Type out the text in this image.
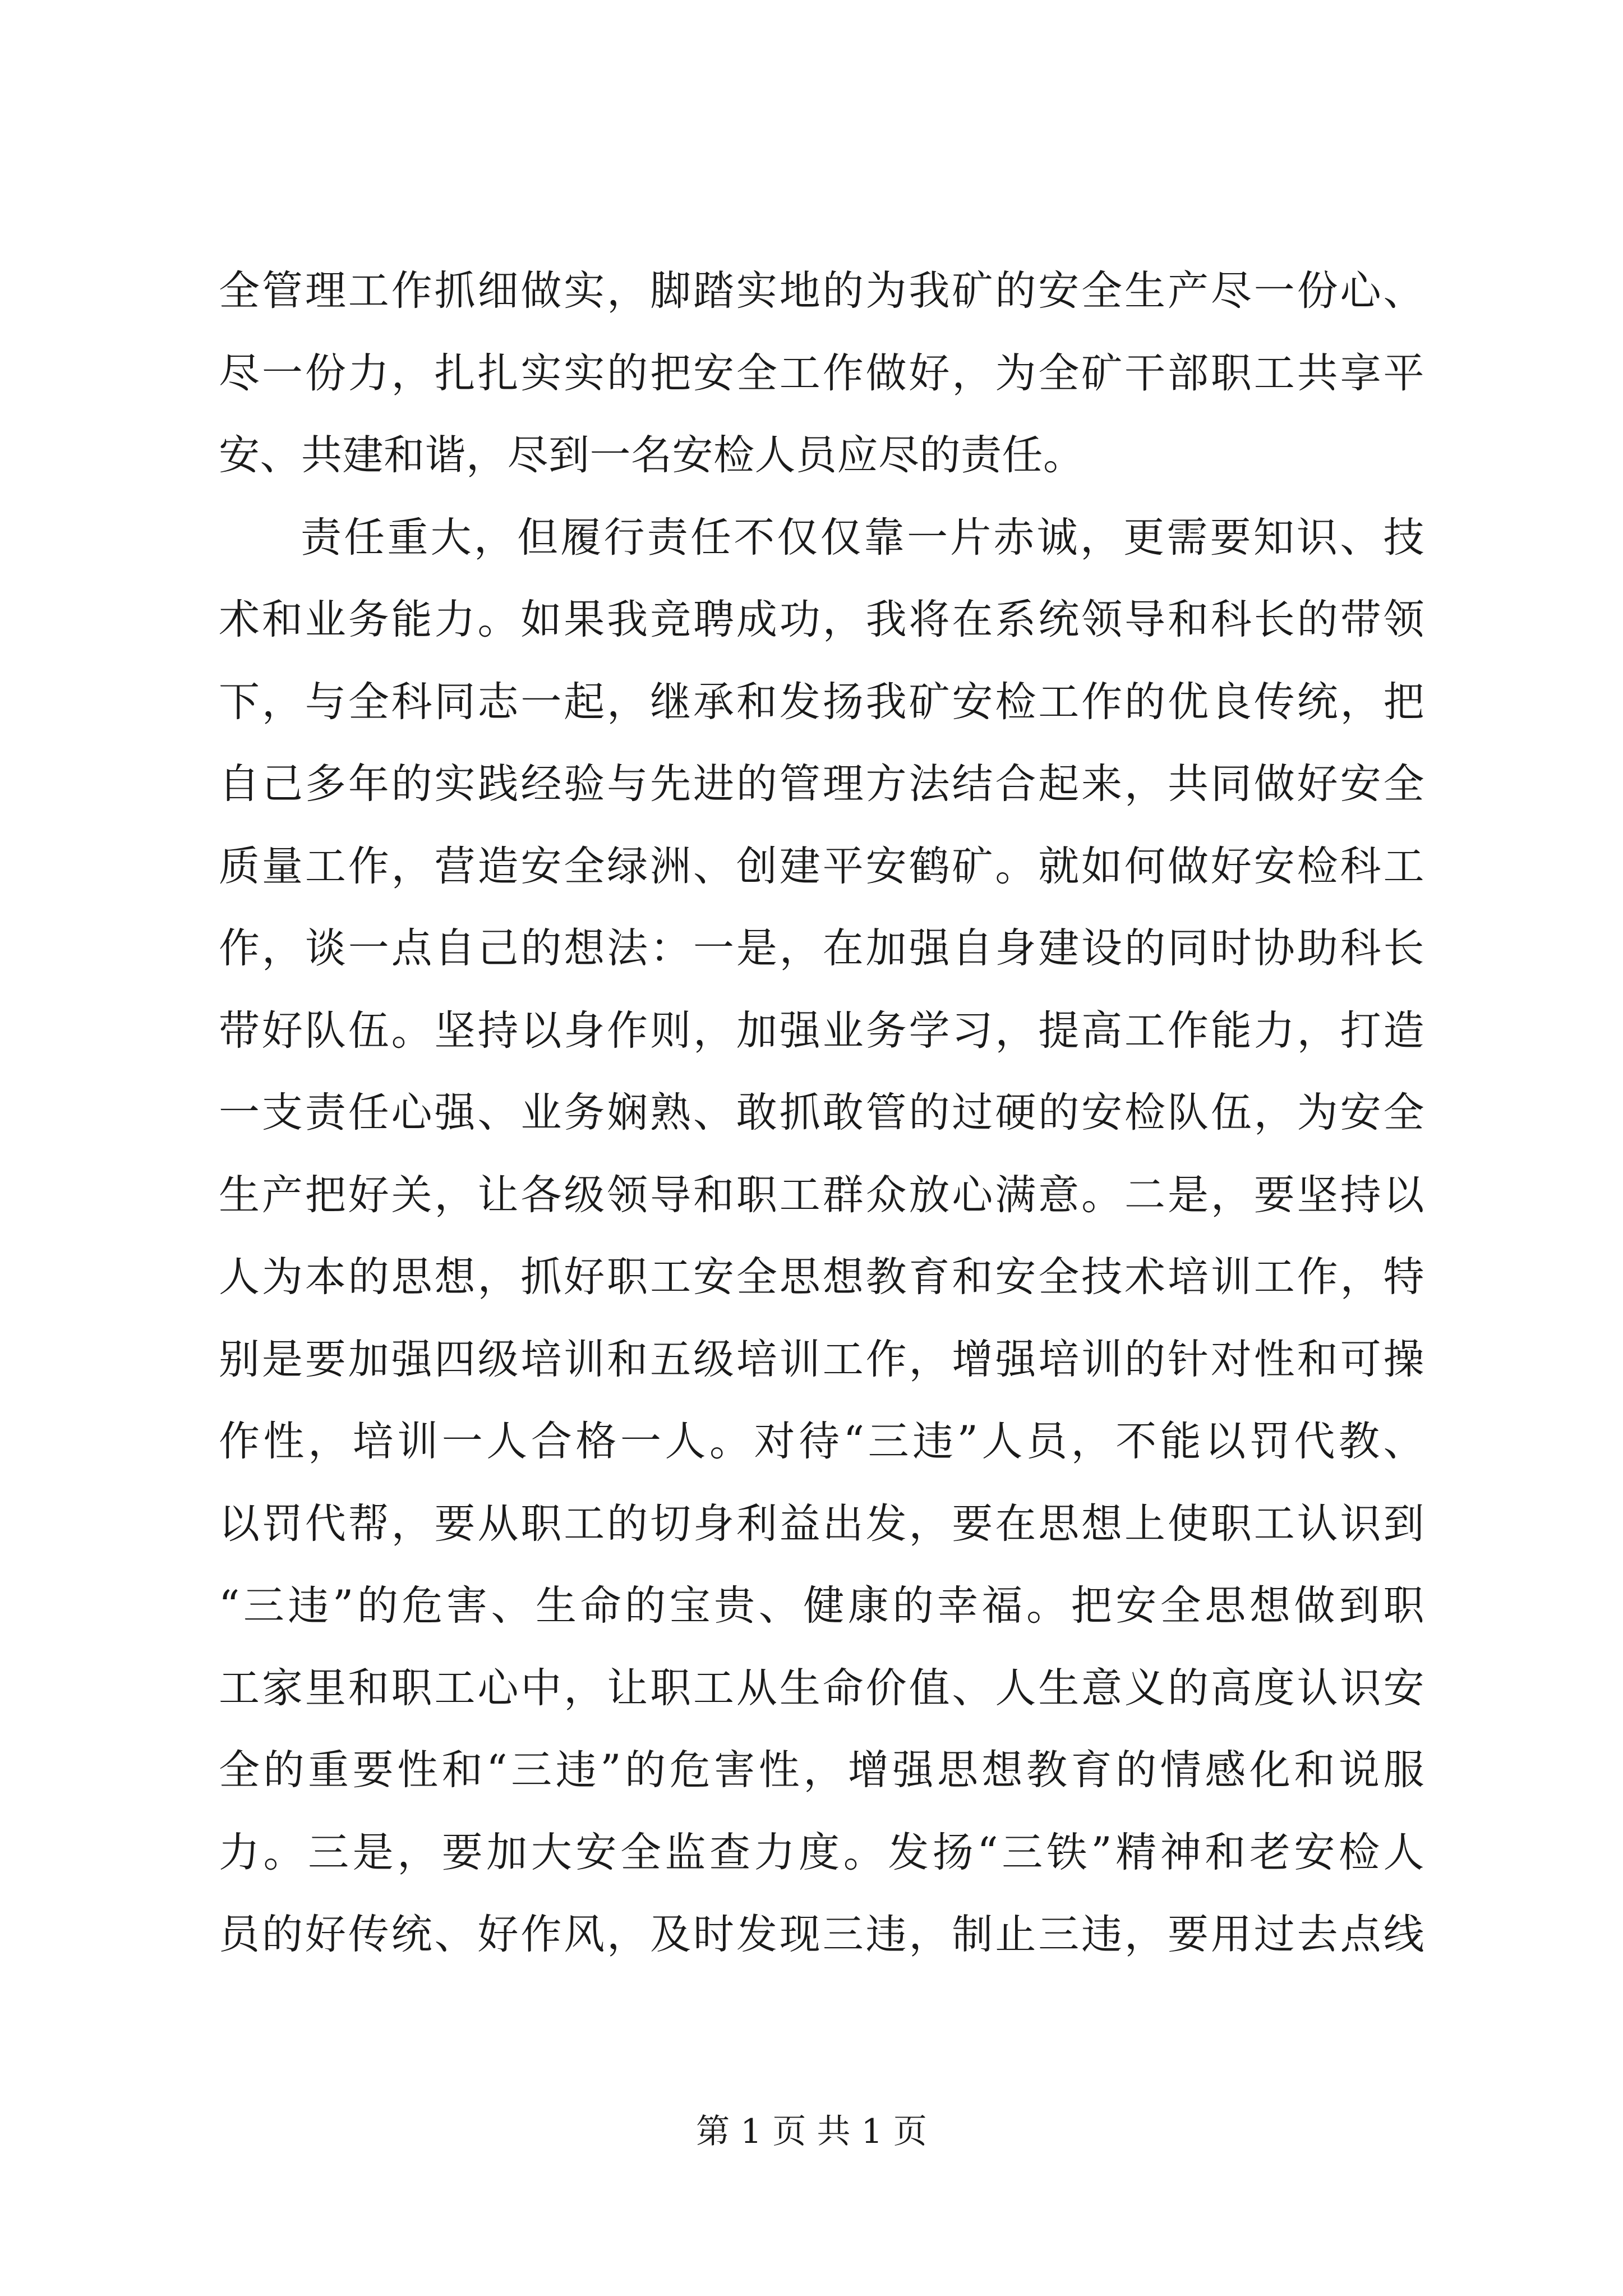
全管理工作抓细做实，脚踏实地的为我矿的安全生产尽一份心、
尽一份力，扎扎实实的把安全工作做好，为全矿干部职工共享平
安、共建和谐，尽到一名安检人员应尽的责任。
责任重大，但履行责任不仅仅靠一片赤诚，更需要知识、技
术和业务能力。如果我竞聘成功，我将在系统领导和科长的带领
下，与全科同志一起，继承和发扬我矿安检工作的优良传统，把
自己多年的实践经验与先进的管理方法结合起来，共同做好安全
质量工作，营造安全绿洲、创建平安鹤矿。就如何做好安检科工
作，谈一点自己的想法：一是，在加强自身建设的同时协助科长
带好队伍。坚持以身作则，加强业务学习，提高工作能力，打造
一支责任心强、业务娴熟、敢抓敢管的过硬的安检队伍，为安全
生产把好关，让各级领导和职工群众放心满意。二是，要坚持以
人为本的思想，抓好职工安全思想教育和安全技术培训工作，特
别是要加强四级培训和五级培训工作，增强培训的针对性和可操
作性，培训一人合格一人。对待“三违”人员，不能以罚代教、
以罚代帮，要从职工的切身利益出发，要在思想上使职工认识到
“三违”的危害、生命的宝贵、健康的幸福。把安全思想做到职
工家里和职工心中，让职工从生命价值、人生意义的高度认识安
全的重要性和“三违”的危害性，增强思想教育的情感化和说服
力。三是，要加大安全监查力度。发扬“三铁”精神和老安检人
员的好传统、好作风，及时发现三违，制止三违，要用过去点线
第 1 页 共 1 页
